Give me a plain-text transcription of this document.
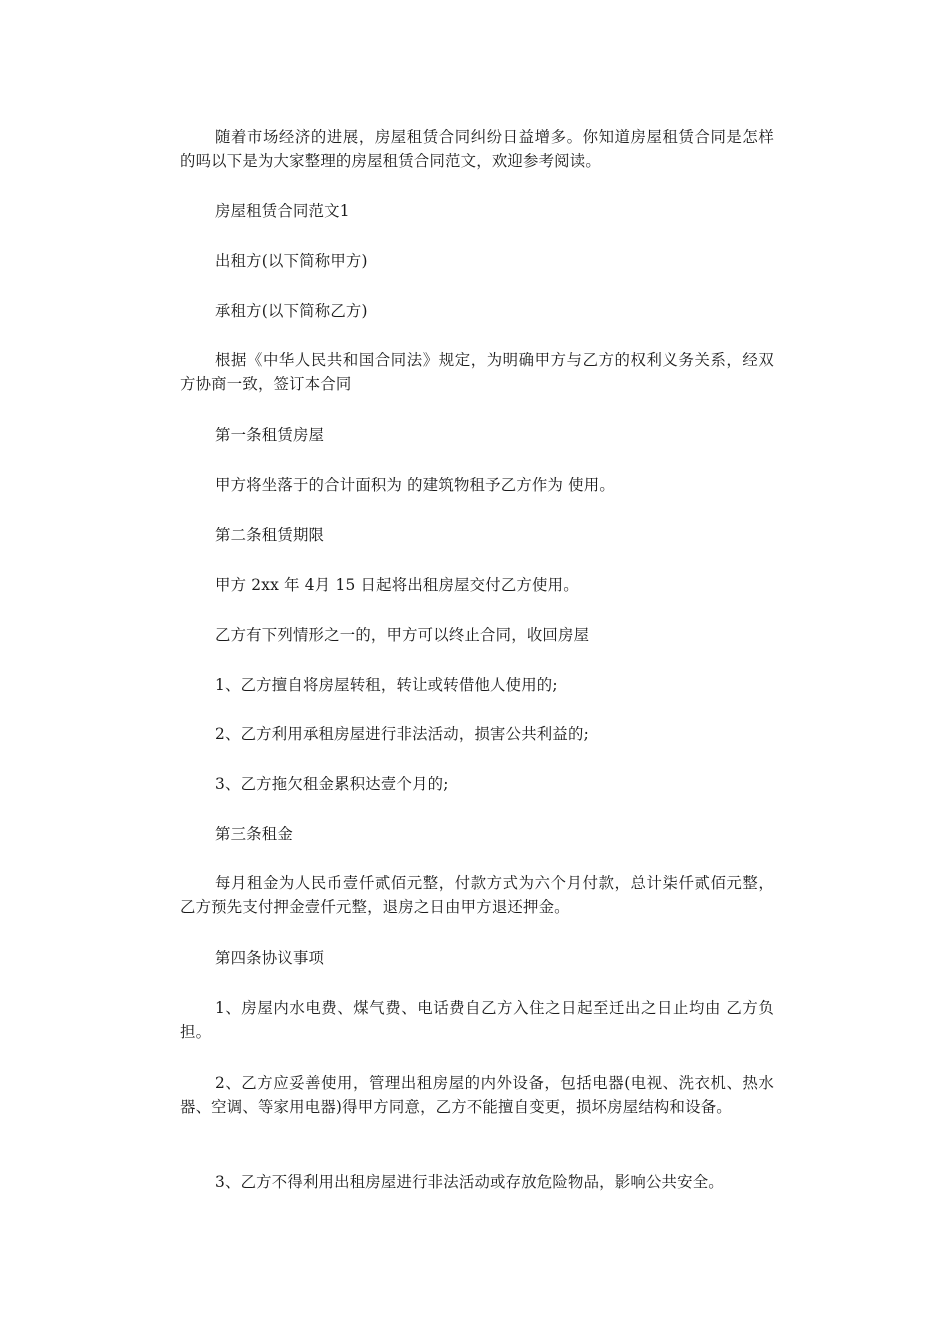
随着市场经济的进展，房屋租赁合同纠纷日益增多。你知道房屋租赁合同是怎样的吗以下是为大家整理的房屋租赁合同范文，欢迎参考阅读。

房屋租赁合同范文1

出租方(以下简称甲方)

承租方(以下简称乙方)

根据《中华人民共和国合同法》规定，为明确甲方与乙方的权利义务关系，经双方协商一致，签订本合同

第一条租赁房屋

甲方将坐落于的合计面积为 的建筑物租予乙方作为 使用。

第二条租赁期限

甲方 2xx 年 4月 15 日起将出租房屋交付乙方使用。

乙方有下列情形之一的，甲方可以终止合同，收回房屋

1、乙方擅自将房屋转租，转让或转借他人使用的;

2、乙方利用承租房屋进行非法活动，损害公共利益的;

3、乙方拖欠租金累积达壹个月的;

第三条租金

每月租金为人民币壹仟贰佰元整，付款方式为六个月付款，总计柒仟贰佰元整，乙方预先支付押金壹仟元整，退房之日由甲方退还押金。

第四条协议事项

1、房屋内水电费、煤气费、电话费自乙方入住之日起至迁出之日止均由 乙方负担。

2、乙方应妥善使用，管理出租房屋的内外设备，包括电器(电视、洗衣机、热水器、空调、等家用电器)得甲方同意，乙方不能擅自变更，损坏房屋结构和设备。

3、乙方不得利用出租房屋进行非法活动或存放危险物品，影响公共安全。
